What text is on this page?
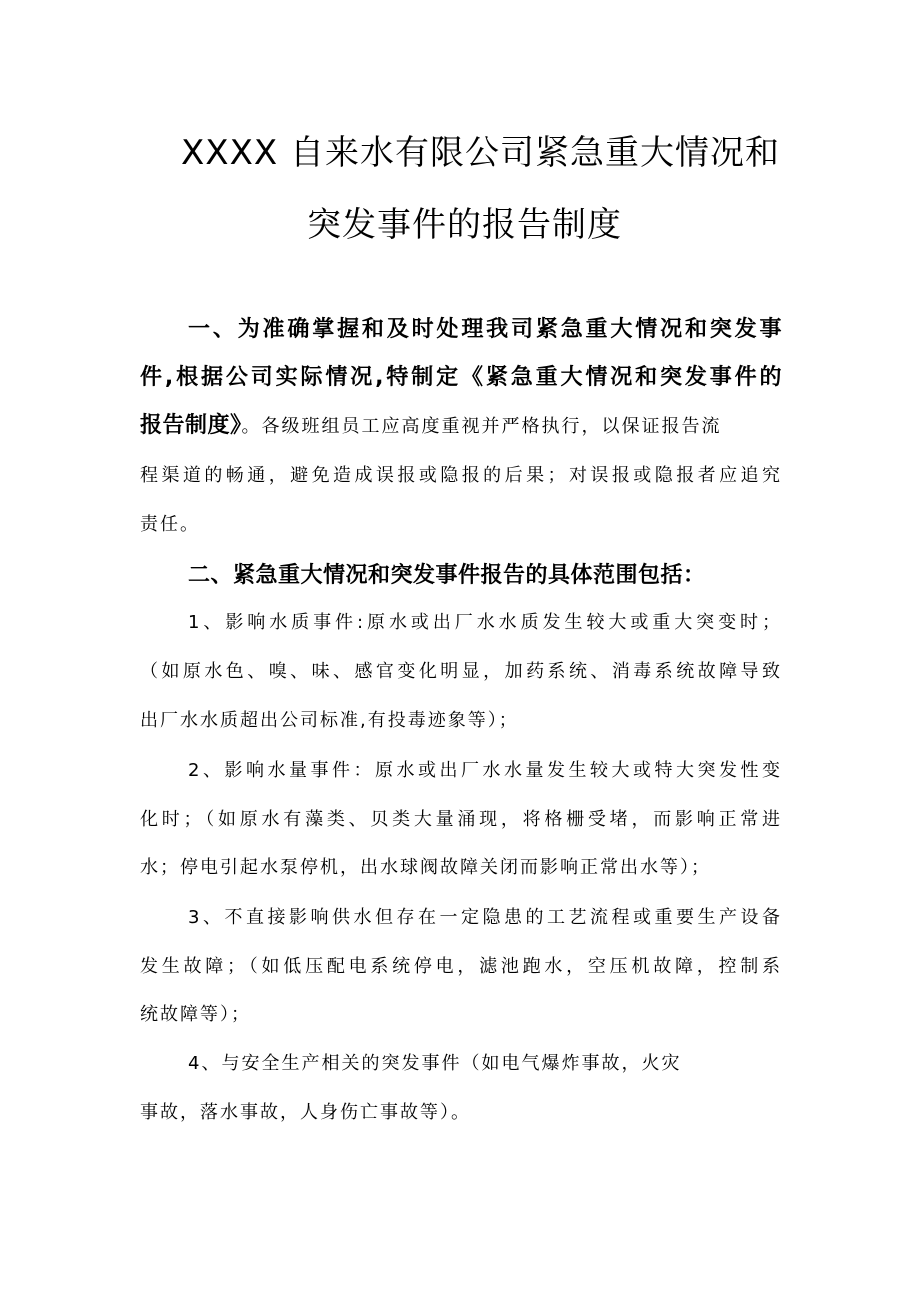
XXXX 自来水有限公司紧急重大情况和
突发事件的报告制度
一、为准确掌握和及时处理我司紧急重大情况和突发事
件,根据公司实际情况,特制定《紧急重大情况和突发事件的
报告制度》。各级班组员工应高度重视并严格执行，以保证报告流
程渠道的畅通，避免造成误报或隐报的后果；对误报或隐报者应追究
责任。
二、紧急重大情况和突发事件报告的具体范围包括：
1、影响水质事件:原水或出厂水水质发生较大或重大突变时；
（如原水色、嗅、味、感官变化明显，加药系统、消毒系统故障导致
出厂水水质超出公司标准,有投毒迹象等）；
2、影响水量事件：原水或出厂水水量发生较大或特大突发性变
化时；（如原水有藻类、贝类大量涌现，将格栅受堵，而影响正常进
水；停电引起水泵停机，出水球阀故障关闭而影响正常出水等）；
3、不直接影响供水但存在一定隐患的工艺流程或重要生产设备
发生故障；（如低压配电系统停电，滤池跑水，空压机故障，控制系
统故障等）；
4、与安全生产相关的突发事件（如电气爆炸事故，火灾
事故，落水事故，人身伤亡事故等）。
